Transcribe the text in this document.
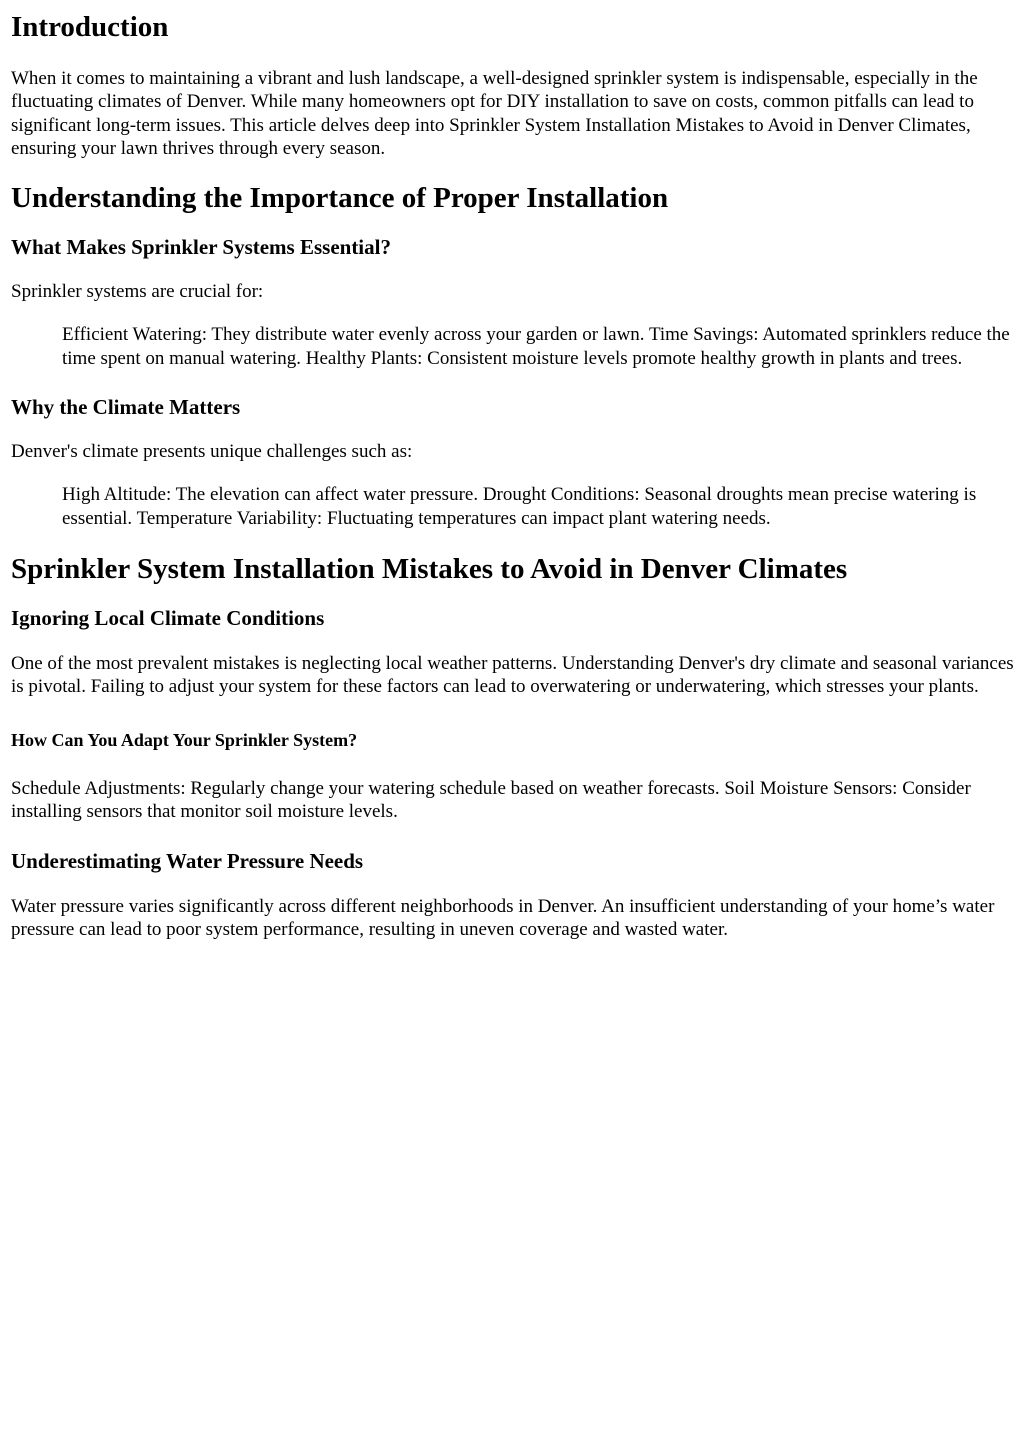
Introduction

When it comes to maintaining a vibrant and lush landscape, a well-designed sprinkler system is indispensable, especially in the fluctuating climates of Denver. While many homeowners opt for DIY installation to save on costs, common pitfalls can lead to significant long-term issues. This article delves deep into Sprinkler System Installation Mistakes to Avoid in Denver Climates, ensuring your lawn thrives through every season.

Understanding the Importance of Proper Installation
What Makes Sprinkler Systems Essential?

Sprinkler systems are crucial for:

Efficient Watering: They distribute water evenly across your garden or lawn. Time Savings: Automated sprinklers reduce the time spent on manual watering. Healthy Plants: Consistent moisture levels promote healthy growth in plants and trees.

Why the Climate Matters

Denver's climate presents unique challenges such as:

High Altitude: The elevation can affect water pressure. Drought Conditions: Seasonal droughts mean precise watering is essential. Temperature Variability: Fluctuating temperatures can impact plant watering needs.

Sprinkler System Installation Mistakes to Avoid in Denver Climates
Ignoring Local Climate Conditions

One of the most prevalent mistakes is neglecting local weather patterns. Understanding Denver's dry climate and seasonal variances is pivotal. Failing to adjust your system for these factors can lead to overwatering or underwatering, which stresses your plants.

How Can You Adapt Your Sprinkler System?

Schedule Adjustments: Regularly change your watering schedule based on weather forecasts. Soil Moisture Sensors: Consider installing sensors that monitor soil moisture levels.

Underestimating Water Pressure Needs

Water pressure varies significantly across different neighborhoods in Denver. An insufficient understanding of your home’s water pressure can lead to poor system performance, resulting in uneven coverage and wasted water.
